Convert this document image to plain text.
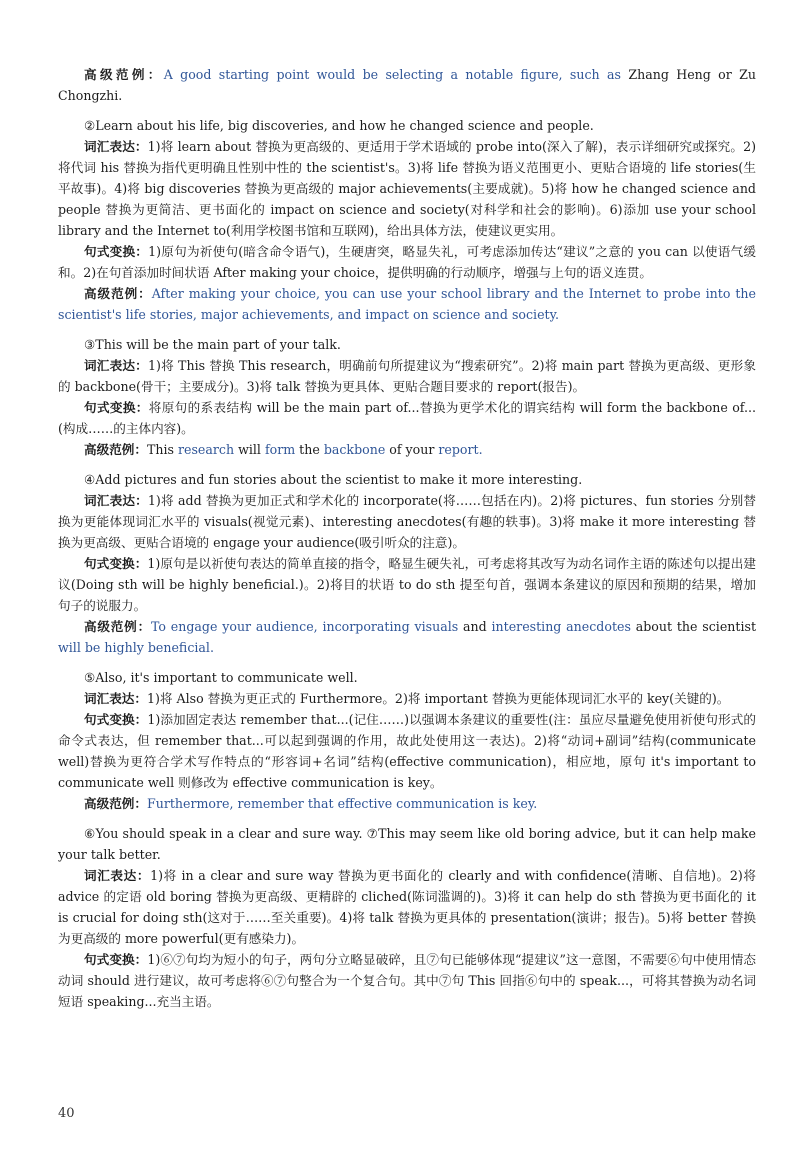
高级范例：A good starting point would be selecting a notable figure, such as Zhang Heng or Zu Chongzhi.

②Learn about his life, big discoveries, and how he changed science and people.

词汇表达：1)将 learn about 替换为更高级的、更适用于学术语域的 probe into(深入了解)，表示详细研究或探究。2)将代词 his 替换为指代更明确且性别中性的 the scientist's。3)将 life 替换为语义范围更小、更贴合语境的 life stories(生平故事)。4)将 big discoveries 替换为更高级的 major achievements(主要成就)。5)将 how he changed science and people 替换为更简洁、更书面化的 impact on science and society(对科学和社会的影响)。6)添加 use your school library and the Internet to(利用学校图书馆和互联网)，给出具体方法，使建议更实用。

句式变换：1)原句为祈使句(暗含命令语气)，生硬唐突，略显失礼，可考虑添加传达“建议”之意的 you can 以使语气缓和。2)在句首添加时间状语 After making your choice，提供明确的行动顺序，增强与上句的语义连贯。

高级范例：After making your choice, you can use your school library and the Internet to probe into the scientist's life stories, major achievements, and impact on science and society.

③This will be the main part of your talk.

词汇表达：1)将 This 替换 This research，明确前句所提建议为“搜索研究”。2)将 main part 替换为更高级、更形象的 backbone(骨干；主要成分)。3)将 talk 替换为更具体、更贴合题目要求的 report(报告)。

句式变换：将原句的系表结构 will be the main part of...替换为更学术化的谓宾结构 will form the backbone of...(构成……的主体内容)。

高级范例：This research will form the backbone of your report.

④Add pictures and fun stories about the scientist to make it more interesting.

词汇表达：1)将 add 替换为更加正式和学术化的 incorporate(将……包括在内)。2)将 pictures、fun stories 分别替换为更能体现词汇水平的 visuals(视觉元素)、interesting anecdotes(有趣的轶事)。3)将 make it more interesting 替换为更高级、更贴合语境的 engage your audience(吸引听众的注意)。

句式变换：1)原句是以祈使句表达的简单直接的指令，略显生硬失礼，可考虑将其改写为动名词作主语的陈述句以提出建议(Doing sth will be highly beneficial.)。2)将目的状语 to do sth 提至句首，强调本条建议的原因和预期的结果，增加句子的说服力。

高级范例：To engage your audience, incorporating visuals and interesting anecdotes about the scientist will be highly beneficial.

⑤Also, it's important to communicate well.

词汇表达：1)将 Also 替换为更正式的 Furthermore。2)将 important 替换为更能体现词汇水平的 key(关键的)。

句式变换：1)添加固定表达 remember that...(记住……)以强调本条建议的重要性(注：虽应尽量避免使用祈使句形式的命令式表达，但 remember that...可以起到强调的作用，故此处使用这一表达)。2)将“动词+副词”结构(communicate well)替换为更符合学术写作特点的“形容词+名词”结构(effective communication)，相应地，原句 it's important to communicate well 则修改为 effective communication is key。

高级范例：Furthermore, remember that effective communication is key.

⑥You should speak in a clear and sure way. ⑦This may seem like old boring advice, but it can help make your talk better.

词汇表达：1)将 in a clear and sure way 替换为更书面化的 clearly and with confidence(清晰、自信地)。2)将 advice 的定语 old boring 替换为更高级、更精辟的 cliched(陈词滥调的)。3)将 it can help do sth 替换为更书面化的 it is crucial for doing sth(这对于……至关重要)。4)将 talk 替换为更具体的 presentation(演讲；报告)。5)将 better 替换为更高级的 more powerful(更有感染力)。

句式变换：1)⑥⑦句均为短小的句子，两句分立略显破碎，且⑦句已能够体现“提建议”这一意图，不需要⑥句中使用情态动词 should 进行建议，故可考虑将⑥⑦句整合为一个复合句。其中⑦句 This 回指⑥句中的 speak...，可将其替换为动名词短语 speaking...充当主语。

40
